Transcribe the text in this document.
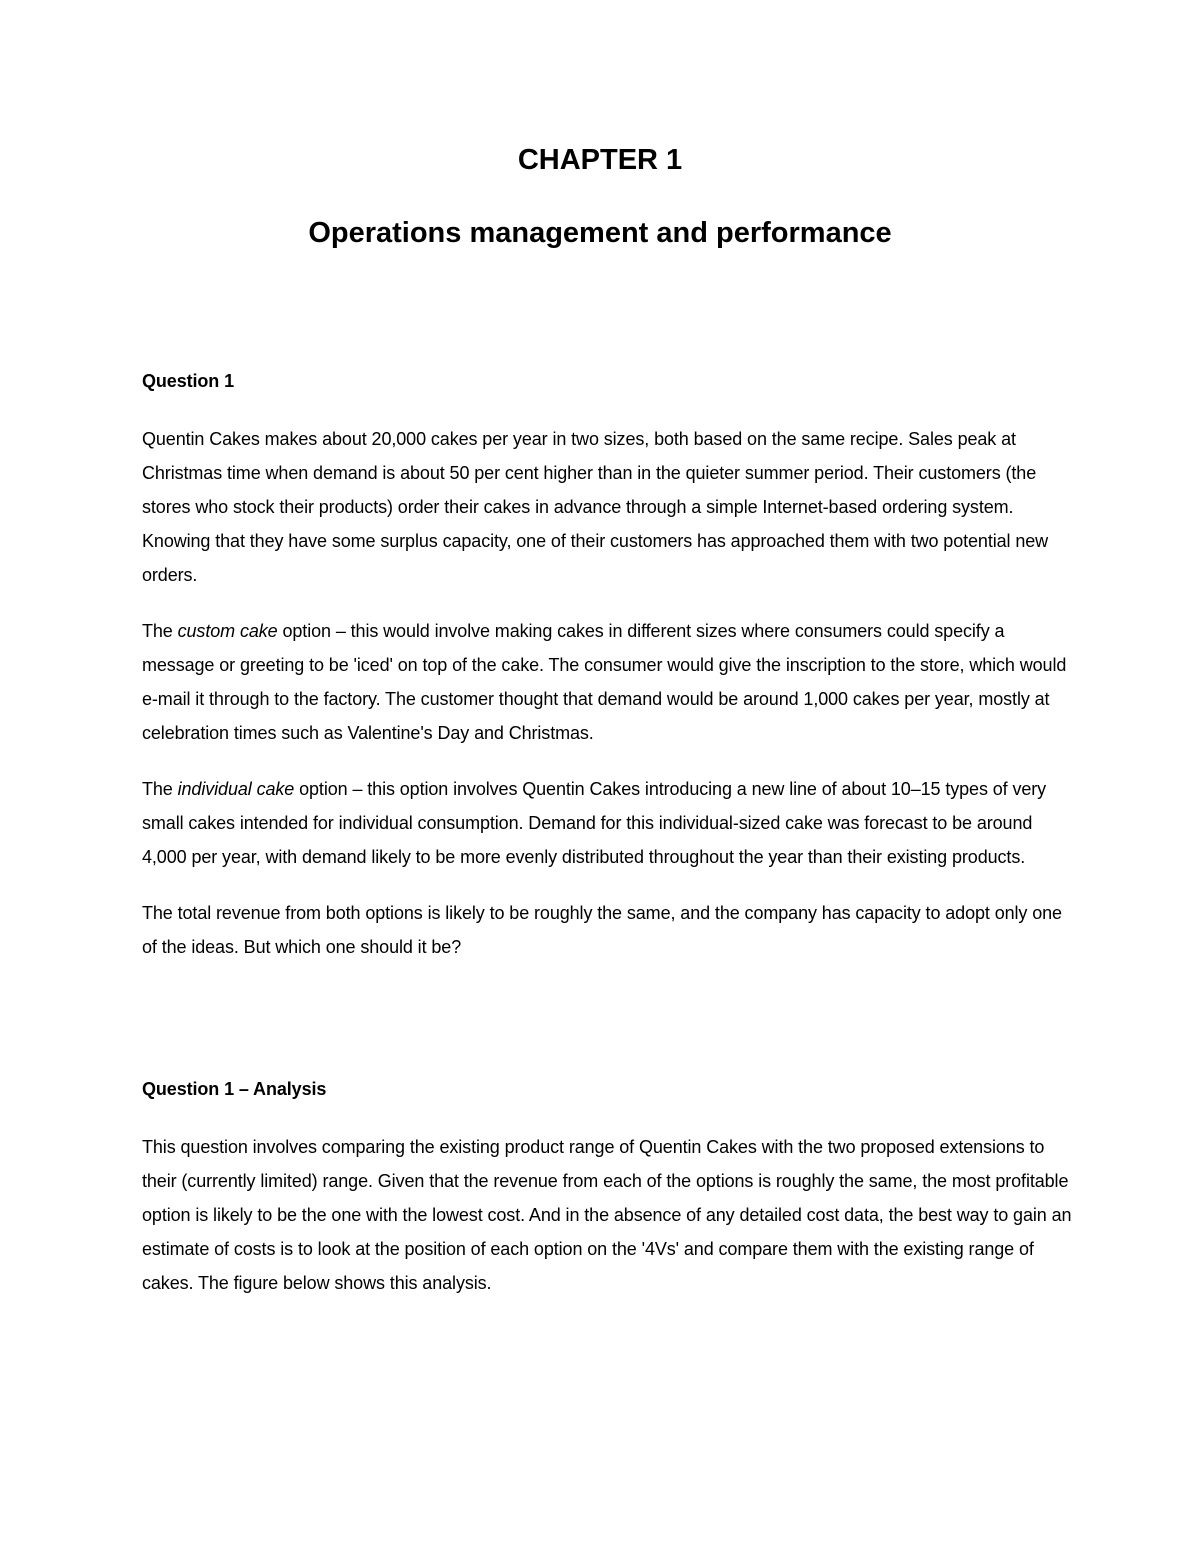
CHAPTER 1
Operations management and performance

Question 1

Quentin Cakes makes about 20,000 cakes per year in two sizes, both based on the same recipe. Sales peak at Christmas time when demand is about 50 per cent higher than in the quieter summer period. Their customers (the stores who stock their products) order their cakes in advance through a simple Internet-based ordering system. Knowing that they have some surplus capacity, one of their customers has approached them with two potential new orders.

The custom cake option – this would involve making cakes in different sizes where consumers could specify a message or greeting to be 'iced' on top of the cake. The consumer would give the inscription to the store, which would e-mail it through to the factory. The customer thought that demand would be around 1,000 cakes per year, mostly at celebration times such as Valentine's Day and Christmas.

The individual cake option – this option involves Quentin Cakes introducing a new line of about 10–15 types of very small cakes intended for individual consumption. Demand for this individual-sized cake was forecast to be around 4,000 per year, with demand likely to be more evenly distributed throughout the year than their existing products.

The total revenue from both options is likely to be roughly the same, and the company has capacity to adopt only one of the ideas. But which one should it be?

Question 1 – Analysis

This question involves comparing the existing product range of Quentin Cakes with the two proposed extensions to their (currently limited) range. Given that the revenue from each of the options is roughly the same, the most profitable option is likely to be the one with the lowest cost. And in the absence of any detailed cost data, the best way to gain an estimate of costs is to look at the position of each option on the '4Vs' and compare them with the existing range of cakes. The figure below shows this analysis.
